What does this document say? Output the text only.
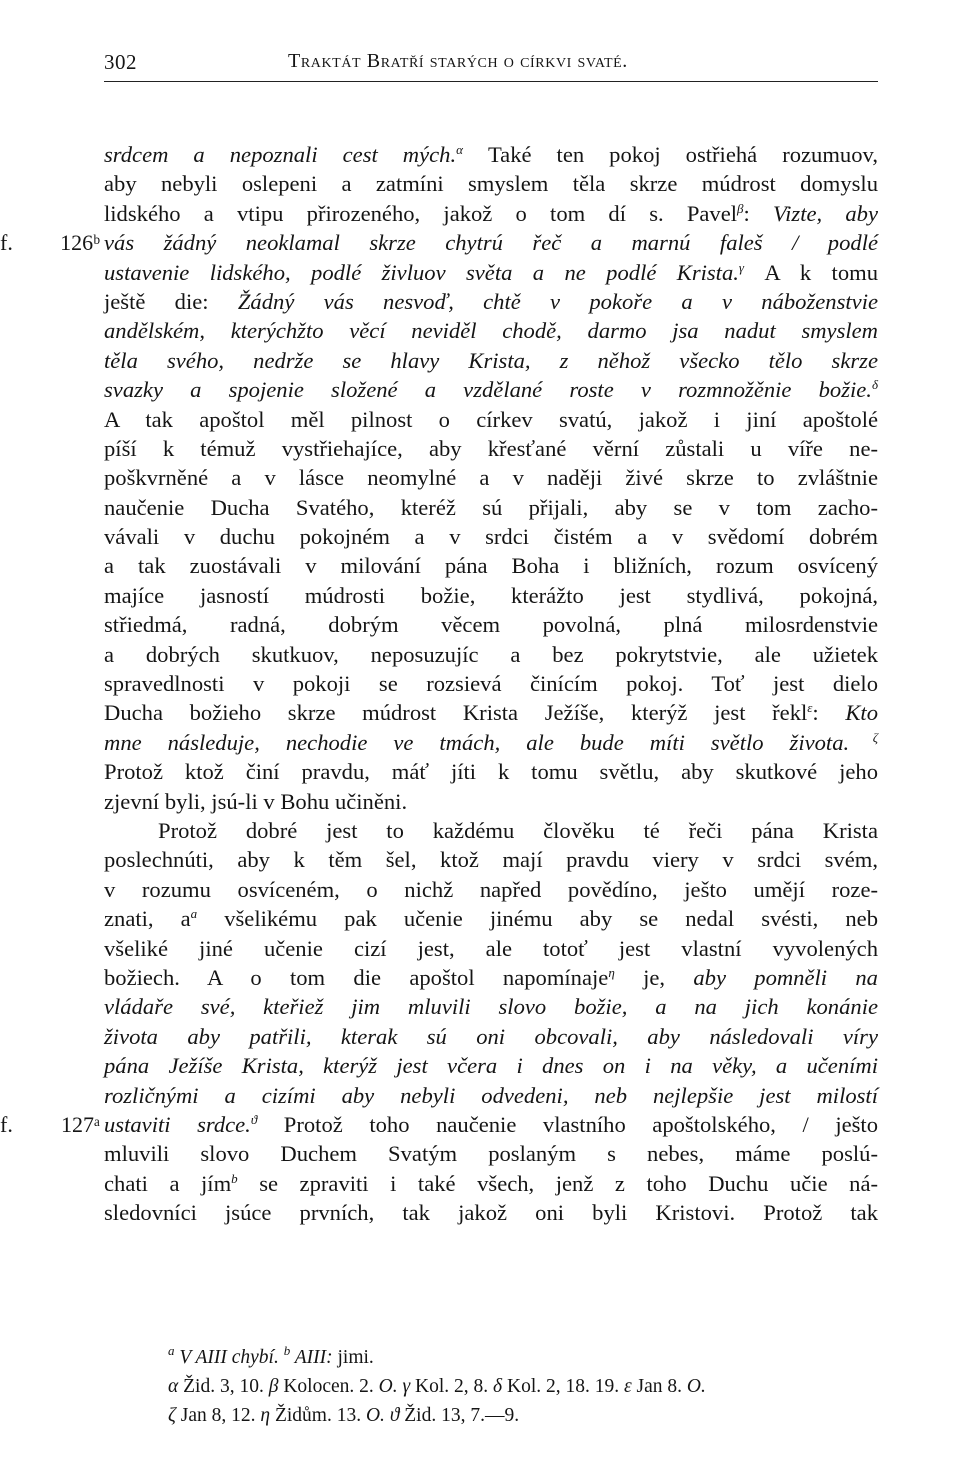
302	Traktát Bratří starých o církvi svaté.
srdcem a nepoznali cest mých.$^\alpha$ Také ten pokoj ostřiehá rozumuov,
aby nebyli oslepeni a zatmíni smyslem těla skrze múdrost domyslu
lidského a vtipu přirozeného, jakož o tom dí s. Pavel$^\beta$: Vizte, aby
vás žádný neoklamal skrze chytrú řeč a marnú faleš / podlé
f. 126ᵇ
ustavenie lidského, podlé živluov světa a ne podlé Krista.$^\gamma$ A k tomu
ještě die: Žádný vás nesvoď, chtě v pokoře a v náboženstvie
andělském, kterýchžto věcí neviděl chodě, darmo jsa nadut smyslem
těla svého, nedrže se hlavy Krista, z něhož všecko tělo skrze
svazky a spojenie složené a vzdělané roste v rozmnožěnie božie.$^\delta$
A tak apoštol měl pilnost o církev svatú, jakož i jiní apoštolé
píší k témuž vystřiehajíce, aby křesťané věrní zůstali u víře ne-
poškvrněné a v lásce neomylné a v naději živé skrze to zvláštnie
naučenie Ducha Svatého, kteréž sú přijali, aby se v tom zacho-
vávali v duchu pokojném a v srdci čistém a v svědomí dobrém
a tak zuostávali v milování pána Boha i bližních, rozum osvícený
majíce jasností múdrosti božie, kterážto jest stydlivá, pokojná,
střiedmá, radná, dobrým věcem povolná, plná milosrdenstvie
a dobrých skutkuov, neposuzujíc a bez pokrytstvie, ale užietek
spravedlnosti v pokoji se rozsievá činícím pokoj. Toť jest dielo
Ducha božieho skrze múdrost Krista Ježíše, kterýž jest řekl$^\varepsilon$: Kto
mne následuje, nechodie ve tmách, ale bude míti světlo života. $^\zeta$
Protož ktož činí pravdu, máť jíti k tomu světlu, aby skutkové jeho
zjevní byli, jsú-li v Bohu učiněni.
Protož dobré jest to každému člověku té řeči pána Krista
poslechnúti, aby k těm šel, ktož mají pravdu viery v srdci svém,
v rozumu osvíceném, o nichž napřed povědíno, ješto umějí roze-
znati, $a^a$ všelikému pak učenie jinému aby se nedal svésti, neb
všeliké jiné učenie cizí jest, ale totoť jest vlastní vyvolených
božiech. A o tom die apoštol napomínaje$^\eta$ je, aby pomněli na
vládaře své, kteřiež jim mluvili slovo božie, a na jich konánie
života aby patřili, kterak sú oni obcovali, aby následovali víry
pána Ježíše Krista, kterýž jest včera i dnes on i na věky, a učeními
rozličnými a cizími aby nebyli odvedeni, neb nejlepšie jest milostí
ustaviti srdce.$^ϑ$ Protož toho naučenie vlastního apoštolského, / ješto
f. 127ᵃ
mluvili slovo Duchem Svatým poslaným s nebes, máme poslú-
chati a jím$^b$ se zpraviti i také všech, jenž z toho Duchu učie ná-
sledovníci jsúce prvních, tak jakož oni byli Kristovi. Protož tak
$^a$ V AIII chybí. $^b$ AIII: jimi.
α Žid. 3, 10. β Kolocen. 2. O. γ Kol. 2, 8. δ Kol. 2, 18. 19. ε Jan 8. O.
ζ Jan 8, 12. η Židům. 13. O. ϑ Žid. 13, 7.—9.
